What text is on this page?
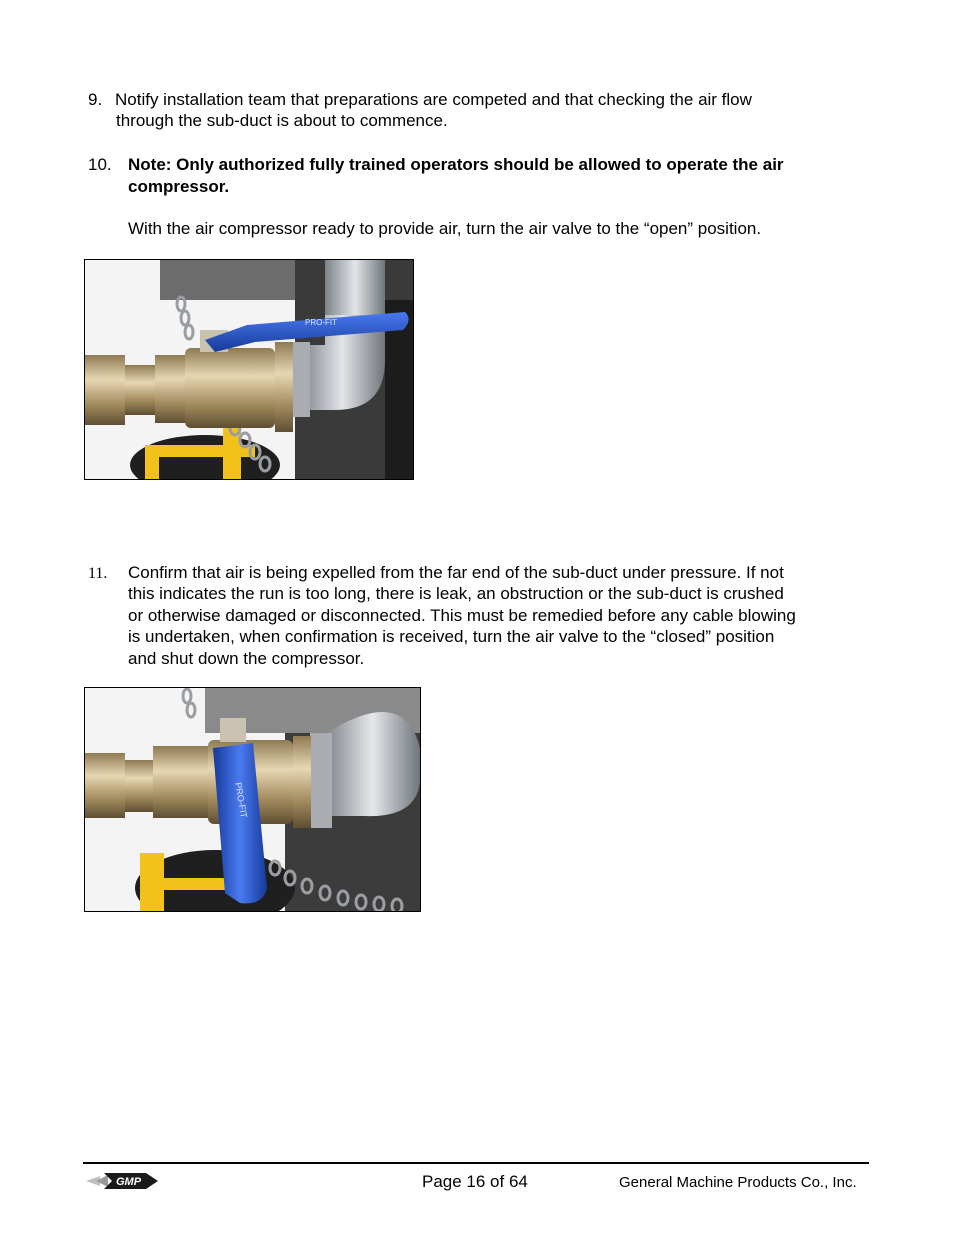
9. Notify installation team that preparations are competed and that checking the air flow
through the sub-duct is about to commence.
10. Note: Only authorized fully trained operators should be allowed to operate the air
compressor.
With the air compressor ready to provide air, turn the air valve to the “open” position.
PRO-FIT
11. Confirm that air is being expelled from the far end of the sub-duct under pressure. If not
this indicates the run is too long, there is leak, an obstruction or the sub-duct is crushed
or otherwise damaged or disconnected. This must be remedied before any cable blowing
is undertaken, when confirmation is received, turn the air valve to the “closed” position
and shut down the compressor.
PRO-FIT
GMP	Page 16 of 64	General Machine Products Co., Inc.
